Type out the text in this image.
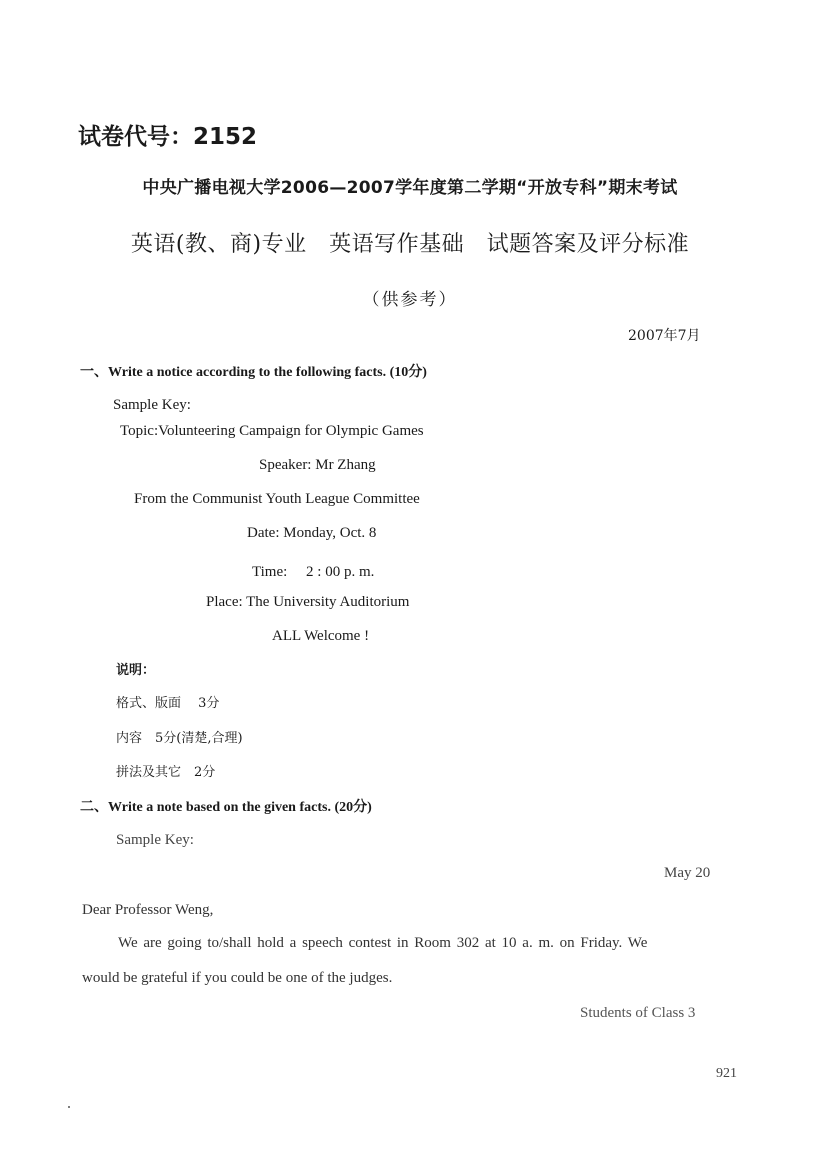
试卷代号：2152
中央广播电视大学2006—2007学年度第二学期“开放专科”期末考试
英语(教、商)专业　英语写作基础　试题答案及评分标准
（供参考）
2007年7月
一、Write a notice according to the following facts. (10分)
Sample Key:
Topic:Volunteering Campaign for Olympic Games
Speaker: Mr Zhang
From the Communist Youth League Committee
Date: Monday, Oct. 8
Time:　 2 : 00 p. m.
Place: The University Auditorium
ALL Welcome !
说明：
格式、版面　 3分
内容　5分(清楚,合理)
拼法及其它　2分
二、Write a note based on the given facts. (20分)
Sample Key:
May 20
Dear Professor Weng,
We are going to/shall hold a speech contest in Room 302 at 10 a. m. on Friday. We
would be grateful if you could be one of the judges.
Students of Class 3
921
